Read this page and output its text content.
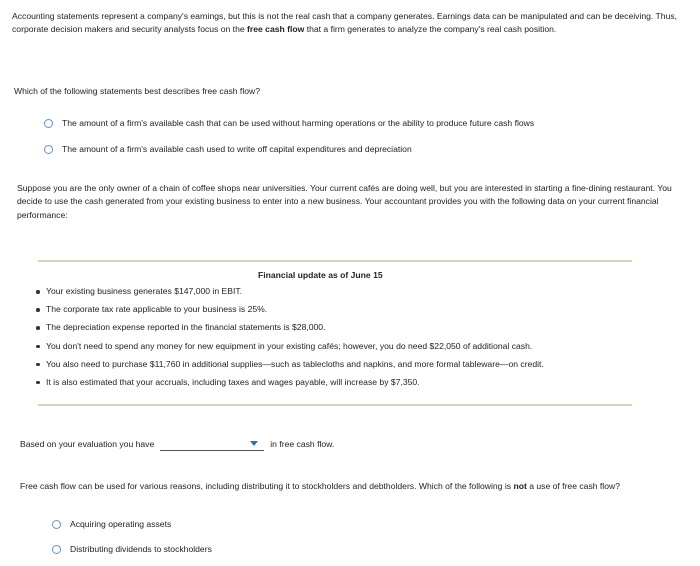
Accounting statements represent a company's earnings, but this is not the real cash that a company generates. Earnings data can be manipulated and can be deceiving. Thus, corporate decision makers and security analysts focus on the free cash flow that a firm generates to analyze the company's real cash position.

Which of the following statements best describes free cash flow?

The amount of a firm's available cash that can be used without harming operations or the ability to produce future cash flows
The amount of a firm's available cash used to write off capital expenditures and depreciation

Suppose you are the only owner of a chain of coffee shops near universities. Your current cafés are doing well, but you are interested in starting a fine-dining restaurant. You decide to use the cash generated from your existing business to enter into a new business. Your accountant provides you with the following data on your current financial performance:

Financial update as of June 15
Your existing business generates $147,000 in EBIT.
The corporate tax rate applicable to your business is 25%.
The depreciation expense reported in the financial statements is $28,000.
You don't need to spend any money for new equipment in your existing cafés; however, you do need $22,050 of additional cash.
You also need to purchase $11,760 in additional supplies—such as tablecloths and napkins, and more formal tableware—on credit.
It is also estimated that your accruals, including taxes and wages payable, will increase by $7,350.
Based on your evaluation you have	in free cash flow.

Free cash flow can be used for various reasons, including distributing it to stockholders and debtholders. Which of the following is not a use of free cash flow?

Acquiring operating assets
Distributing dividends to stockholders
